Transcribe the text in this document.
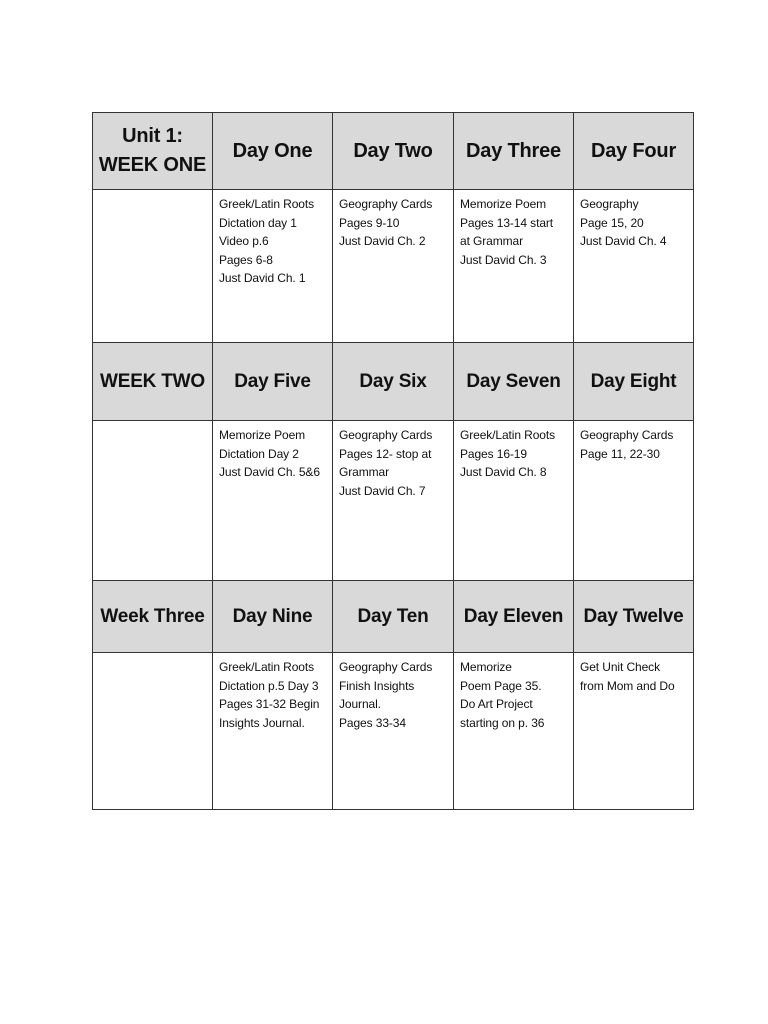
Unit 1:
WEEK ONE
Day One Day Two Day Three Day Four
Greek/Latin Roots
Dictation day 1
Video p.6
Pages 6-8
Just David Ch. 1
Geography Cards
Pages 9-10
Just David Ch. 2
Memorize Poem
Pages 13-14 start
at Grammar
Just David Ch. 3
Geography
Page 15, 20
Just David Ch. 4
WEEK TWO Day Five	Day Six Day Seven Day Eight
Memorize Poem
Dictation Day 2
Just David Ch. 5&6
Geography Cards
Pages 12- stop at
Grammar
Just David Ch. 7
Greek/Latin Roots
Pages 16-19
Just David Ch. 8
Geography Cards
Page 11, 22-30
Week Three Day Nine Day Ten Day Eleven Day Twelve
Greek/Latin Roots
Dictation p.5 Day 3
Pages 31-32 Begin
Insights Journal.
Geography Cards
Finish Insights
Journal.
Pages 33-34
Memorize
Poem Page 35.
Do Art Project
starting on p. 36
Get Unit Check
from Mom and Do
